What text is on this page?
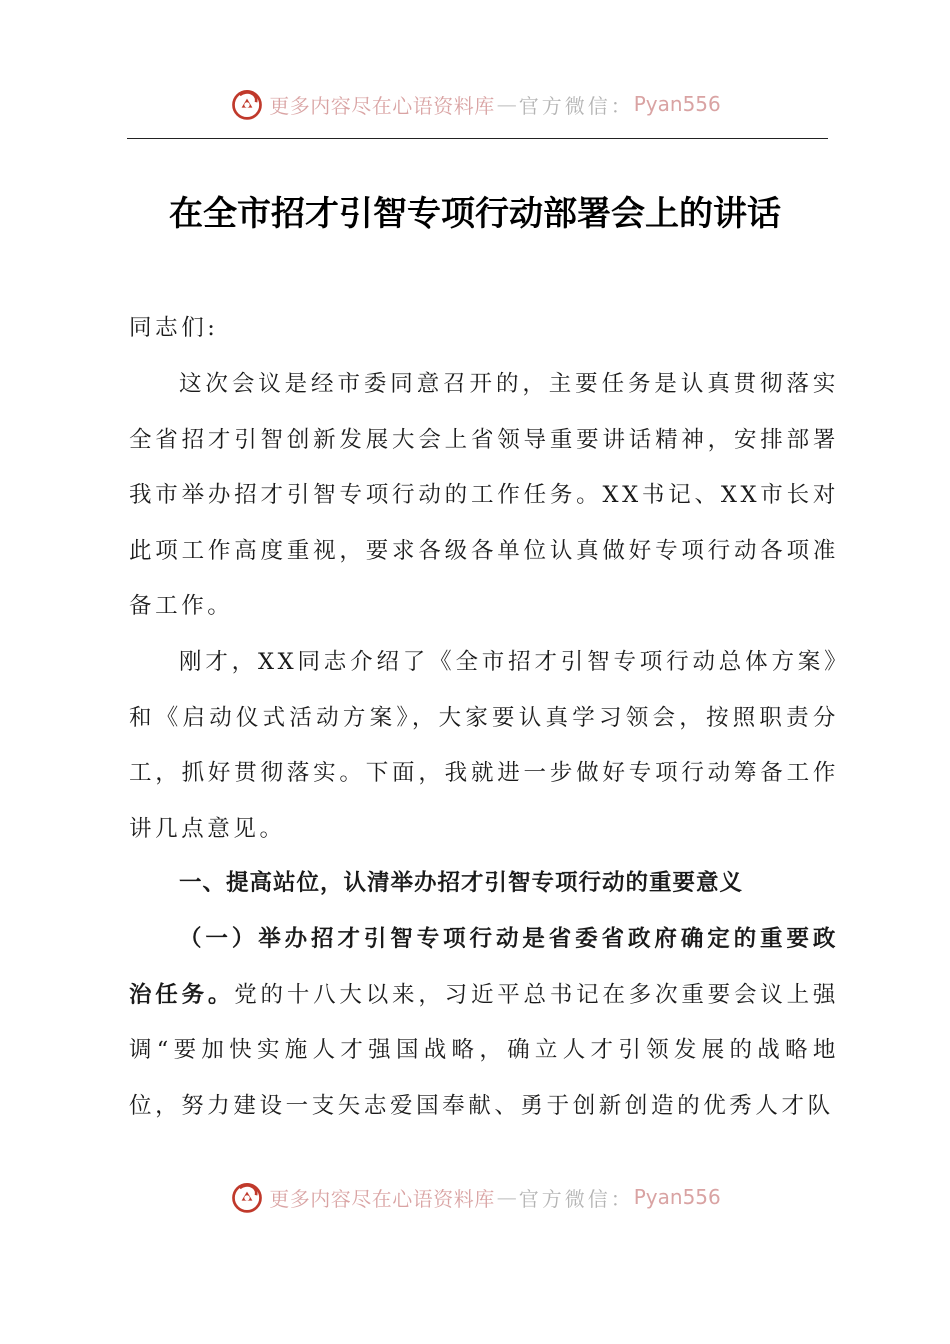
更多内容尽在心语资料库 — 官方微信： Pyan556
在全市招才引智专项行动部署会上的讲话

同志们:

这次会议是经市委同意召开的，主要任务是认真贯彻落实全省招才引智创新发展大会上省领导重要讲话精神，安排部署我市举办招才引智专项行动的工作任务。XX书记、XX市长对此项工作高度重视，要求各级各单位认真做好专项行动各项准备工作。

刚才，XX同志介绍了《全市招才引智专项行动总体方案》和《启动仪式活动方案》，大家要认真学习领会，按照职责分工，抓好贯彻落实。下面，我就进一步做好专项行动筹备工作讲几点意见。

一、提高站位，认清举办招才引智专项行动的重要意义

（一）举办招才引智专项行动是省委省政府确定的重要政治任务。党的十八大以来，习近平总书记在多次重要会议上强调“要加快实施人才强国战略，确立人才引领发展的战略地位，努力建设一支矢志爱国奉献、勇于创新创造的优秀人才队

更多内容尽在心语资料库 — 官方微信： Pyan556
